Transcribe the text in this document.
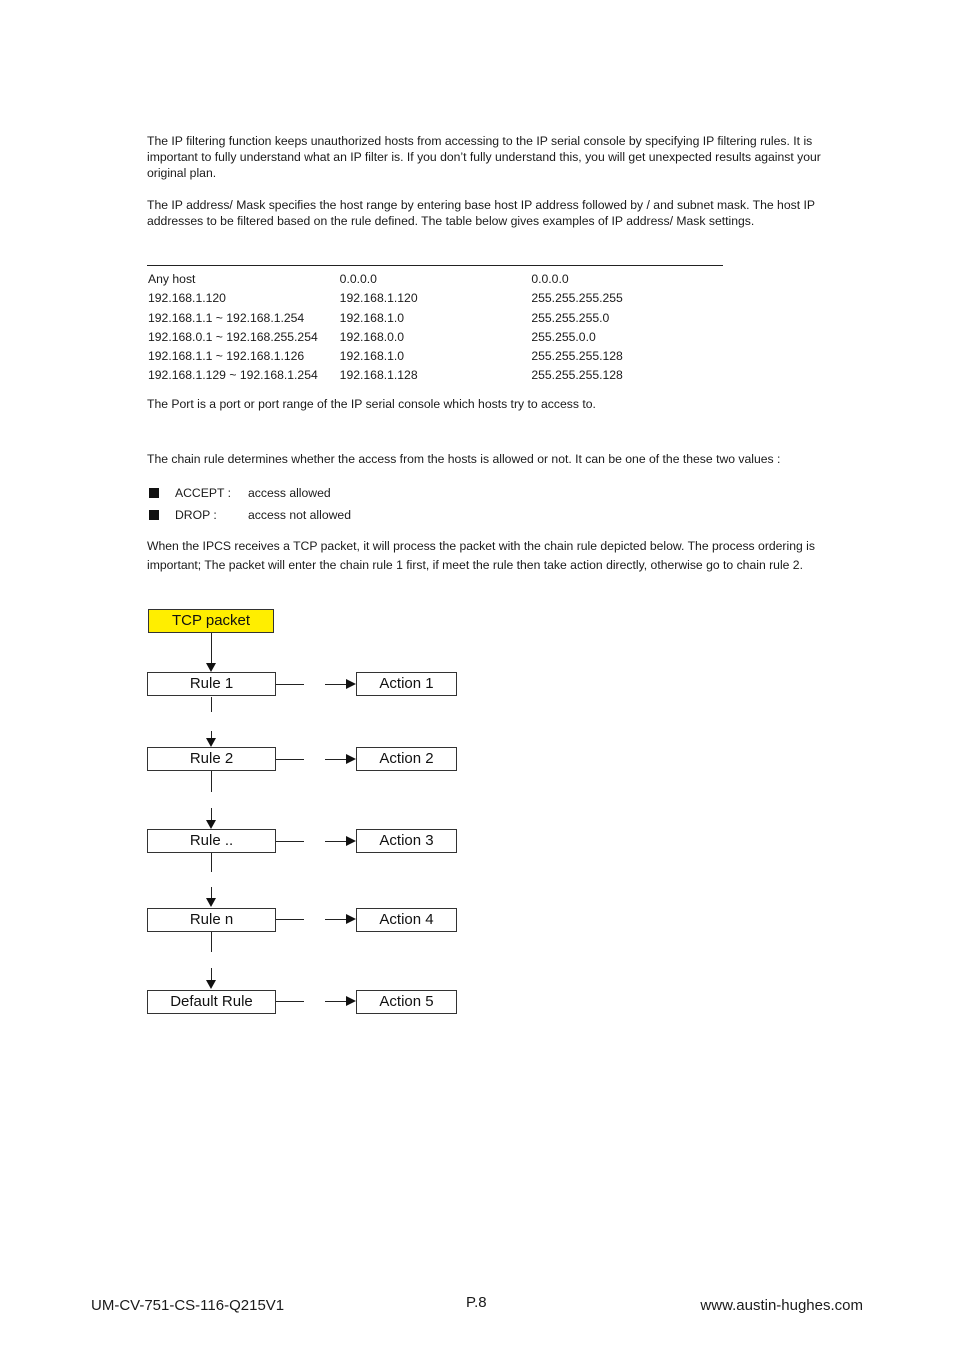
The IP filtering function keeps unauthorized hosts from accessing to the IP serial console by specifying IP filtering rules. It is important to fully understand what an IP filter is. If you don’t fully understand this, you will get unexpected results against your original plan.

The IP address/ Mask specifies the host range by entering base host IP address followed by / and subnet mask. The host IP addresses to be filtered based on the rule defined. The table below gives examples of IP address/ Mask settings.

Any host	0.0.0.0	0.0.0.0
192.168.1.120	192.168.1.120	255.255.255.255
192.168.1.1 ~ 192.168.1.254	192.168.1.0	255.255.255.0
192.168.0.1 ~ 192.168.255.254	192.168.0.0	255.255.0.0
192.168.1.1 ~ 192.168.1.126	192.168.1.0	255.255.255.128
192.168.1.129 ~ 192.168.1.254	192.168.1.128	255.255.255.128

The Port is a port or port range of the IP serial console which hosts try to access to.

The chain rule determines whether the access from the hosts is allowed or not. It can be one of the these two values :

ACCEPT :	access allowed
DROP :	access not allowed

When the IPCS receives a TCP packet, it will process the packet with the chain rule depicted below. The process ordering is important; The packet will enter the chain rule 1 first, if meet the rule then take action directly, otherwise go to chain rule 2.

TCP packet
Rule 1	Action 1
Rule 2	Action 2
Rule ..	Action 3
Rule n	Action 4
Default Rule	Action 5
UM-CV-751-CS-116-Q215V1	P.8	www.austin-hughes.com
